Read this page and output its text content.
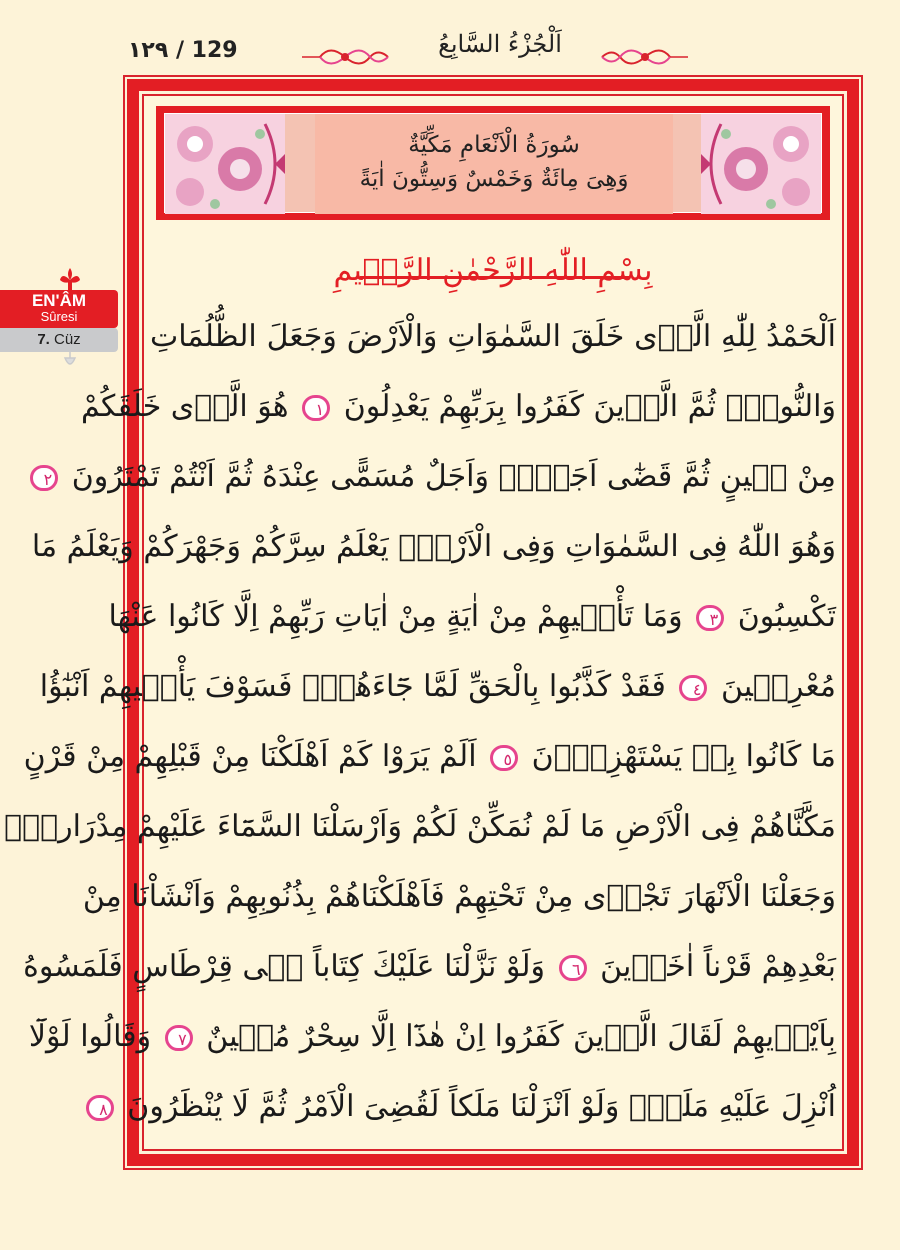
١٢٩ / 129	اَلْجُزْءُ السَّابِعُ
EN'ÂM
Sûresi
7. Cüz
سُورَةُ الْاَنْعَامِ مَكِّيَّةٌ
وَهِىَ مِائَةٌ وَخَمْسٌ وَسِتُّونَ اٰيَةً
بِسْمِ اللّٰهِ الرَّحْمٰنِ الرَّح۪يمِ
اَلْحَمْدُ لِلّٰهِ الَّذ۪ى خَلَقَ السَّمٰوَاتِ وَالْاَرْضَ وَجَعَلَ الظُّلُمَاتِ
وَالنُّورَۜ ثُمَّ الَّذ۪ينَ كَفَرُوا بِرَبِّهِمْ يَعْدِلُونَ ١ هُوَ الَّذ۪ى خَلَقَكُمْ
مِنْ ط۪ينٍ ثُمَّ قَضٰٓى اَجَلًاۜ وَاَجَلٌ مُسَمًّى عِنْدَهُ ثُمَّ اَنْتُمْ تَمْتَرُونَ ٢
وَهُوَ اللّٰهُ فِى السَّمٰوَاتِ وَفِى الْاَرْضِۜ يَعْلَمُ سِرَّكُمْ وَجَهْرَكُمْ وَيَعْلَمُ مَا
تَكْسِبُونَ ٣ وَمَا تَأْت۪يهِمْ مِنْ اٰيَةٍ مِنْ اٰيَاتِ رَبِّهِمْ اِلَّا كَانُوا عَنْهَا
مُعْرِض۪ينَ ٤ فَقَدْ كَذَّبُوا بِالْحَقِّ لَمَّا جَٓاءَهُمْۜ فَسَوْفَ يَأْت۪يهِمْ اَنْبٰٓؤُا
مَا كَانُوا بِه۪ يَسْتَهْزِؤُ۫نَ ٥ اَلَمْ يَرَوْا كَمْ اَهْلَكْنَا مِنْ قَبْلِهِمْ مِنْ قَرْنٍ
مَكَّنَّاهُمْ فِى الْاَرْضِ مَا لَمْ نُمَكِّنْ لَكُمْ وَاَرْسَلْنَا السَّمَٓاءَ عَلَيْهِمْ مِدْرَاراًۖ
وَجَعَلْنَا الْاَنْهَارَ تَجْر۪ى مِنْ تَحْتِهِمْ فَاَهْلَكْنَاهُمْ بِذُنُوبِهِمْ وَاَنْشَاْنَا مِنْ
بَعْدِهِمْ قَرْناً اٰخَر۪ينَ ٦ وَلَوْ نَزَّلْنَا عَلَيْكَ كِتَاباً ف۪ى قِرْطَاسٍ فَلَمَسُوهُ
بِاَيْد۪يهِمْ لَقَالَ الَّذ۪ينَ كَفَرُوا اِنْ هٰذَٓا اِلَّا سِحْرٌ مُب۪ينٌ ٧ وَقَالُوا لَوْلَٓا
اُنْزِلَ عَلَيْهِ مَلَكٌۜ وَلَوْ اَنْزَلْنَا مَلَكاً لَقُضِىَ الْاَمْرُ ثُمَّ لَا يُنْظَرُونَ ٨
